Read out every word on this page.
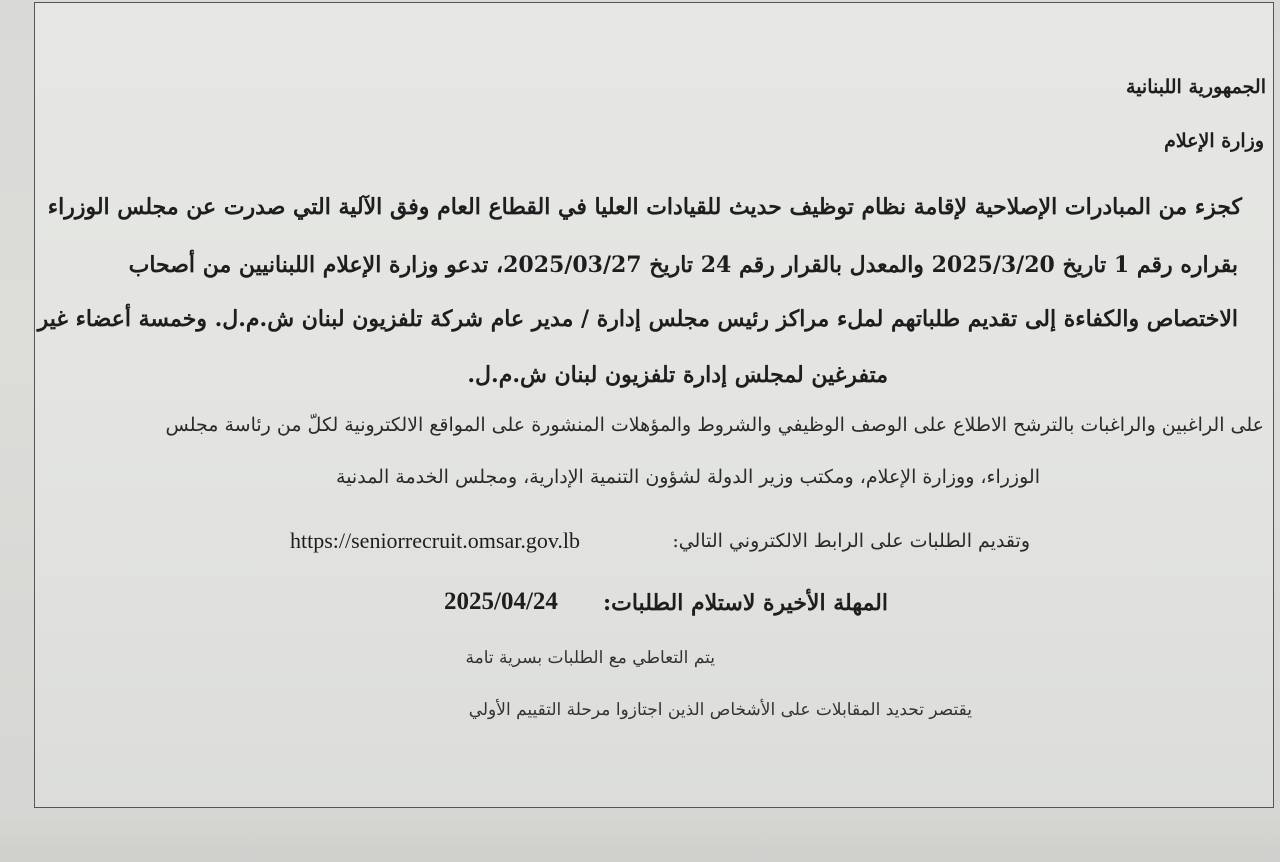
الجمهورية اللبنانية
وزارة الإعلام
كجزء من المبادرات الإصلاحية لإقامة نظام توظيف حديث للقيادات العليا في القطاع العام وفق الآلية التي صدرت عن مجلس الوزراء
بقراره رقم 1 تاريخ 2025/3/20 والمعدل بالقرار رقم 24 تاريخ 2025/03/27، تدعو وزارة الإعلام اللبنانيين من أصحاب
الاختصاص والكفاءة إلى تقديم طلباتهم لملء مراكز رئيس مجلس إدارة / مدير عام شركة تلفزيون لبنان ش.م.ل. وخمسة أعضاء غير
متفرغين لمجلس إدارة تلفزيون لبنان ش.م.ل.
على الراغبين والراغبات بالترشح الاطلاع على الوصف الوظيفي والشروط والمؤهلات المنشورة على المواقع الالكترونية لكلّ من رئاسة مجلس
الوزراء، ووزارة الإعلام، ومكتب وزير الدولة لشؤون التنمية الإدارية، ومجلس الخدمة المدنية
وتقديم الطلبات على الرابط الالكتروني التالي:
https://seniorrecruit.omsar.gov.lb
المهلة الأخيرة لاستلام الطلبات:
2025/04/24
يتم التعاطي مع الطلبات بسرية تامة
يقتصر تحديد المقابلات على الأشخاص الذين اجتازوا مرحلة التقييم الأولي
